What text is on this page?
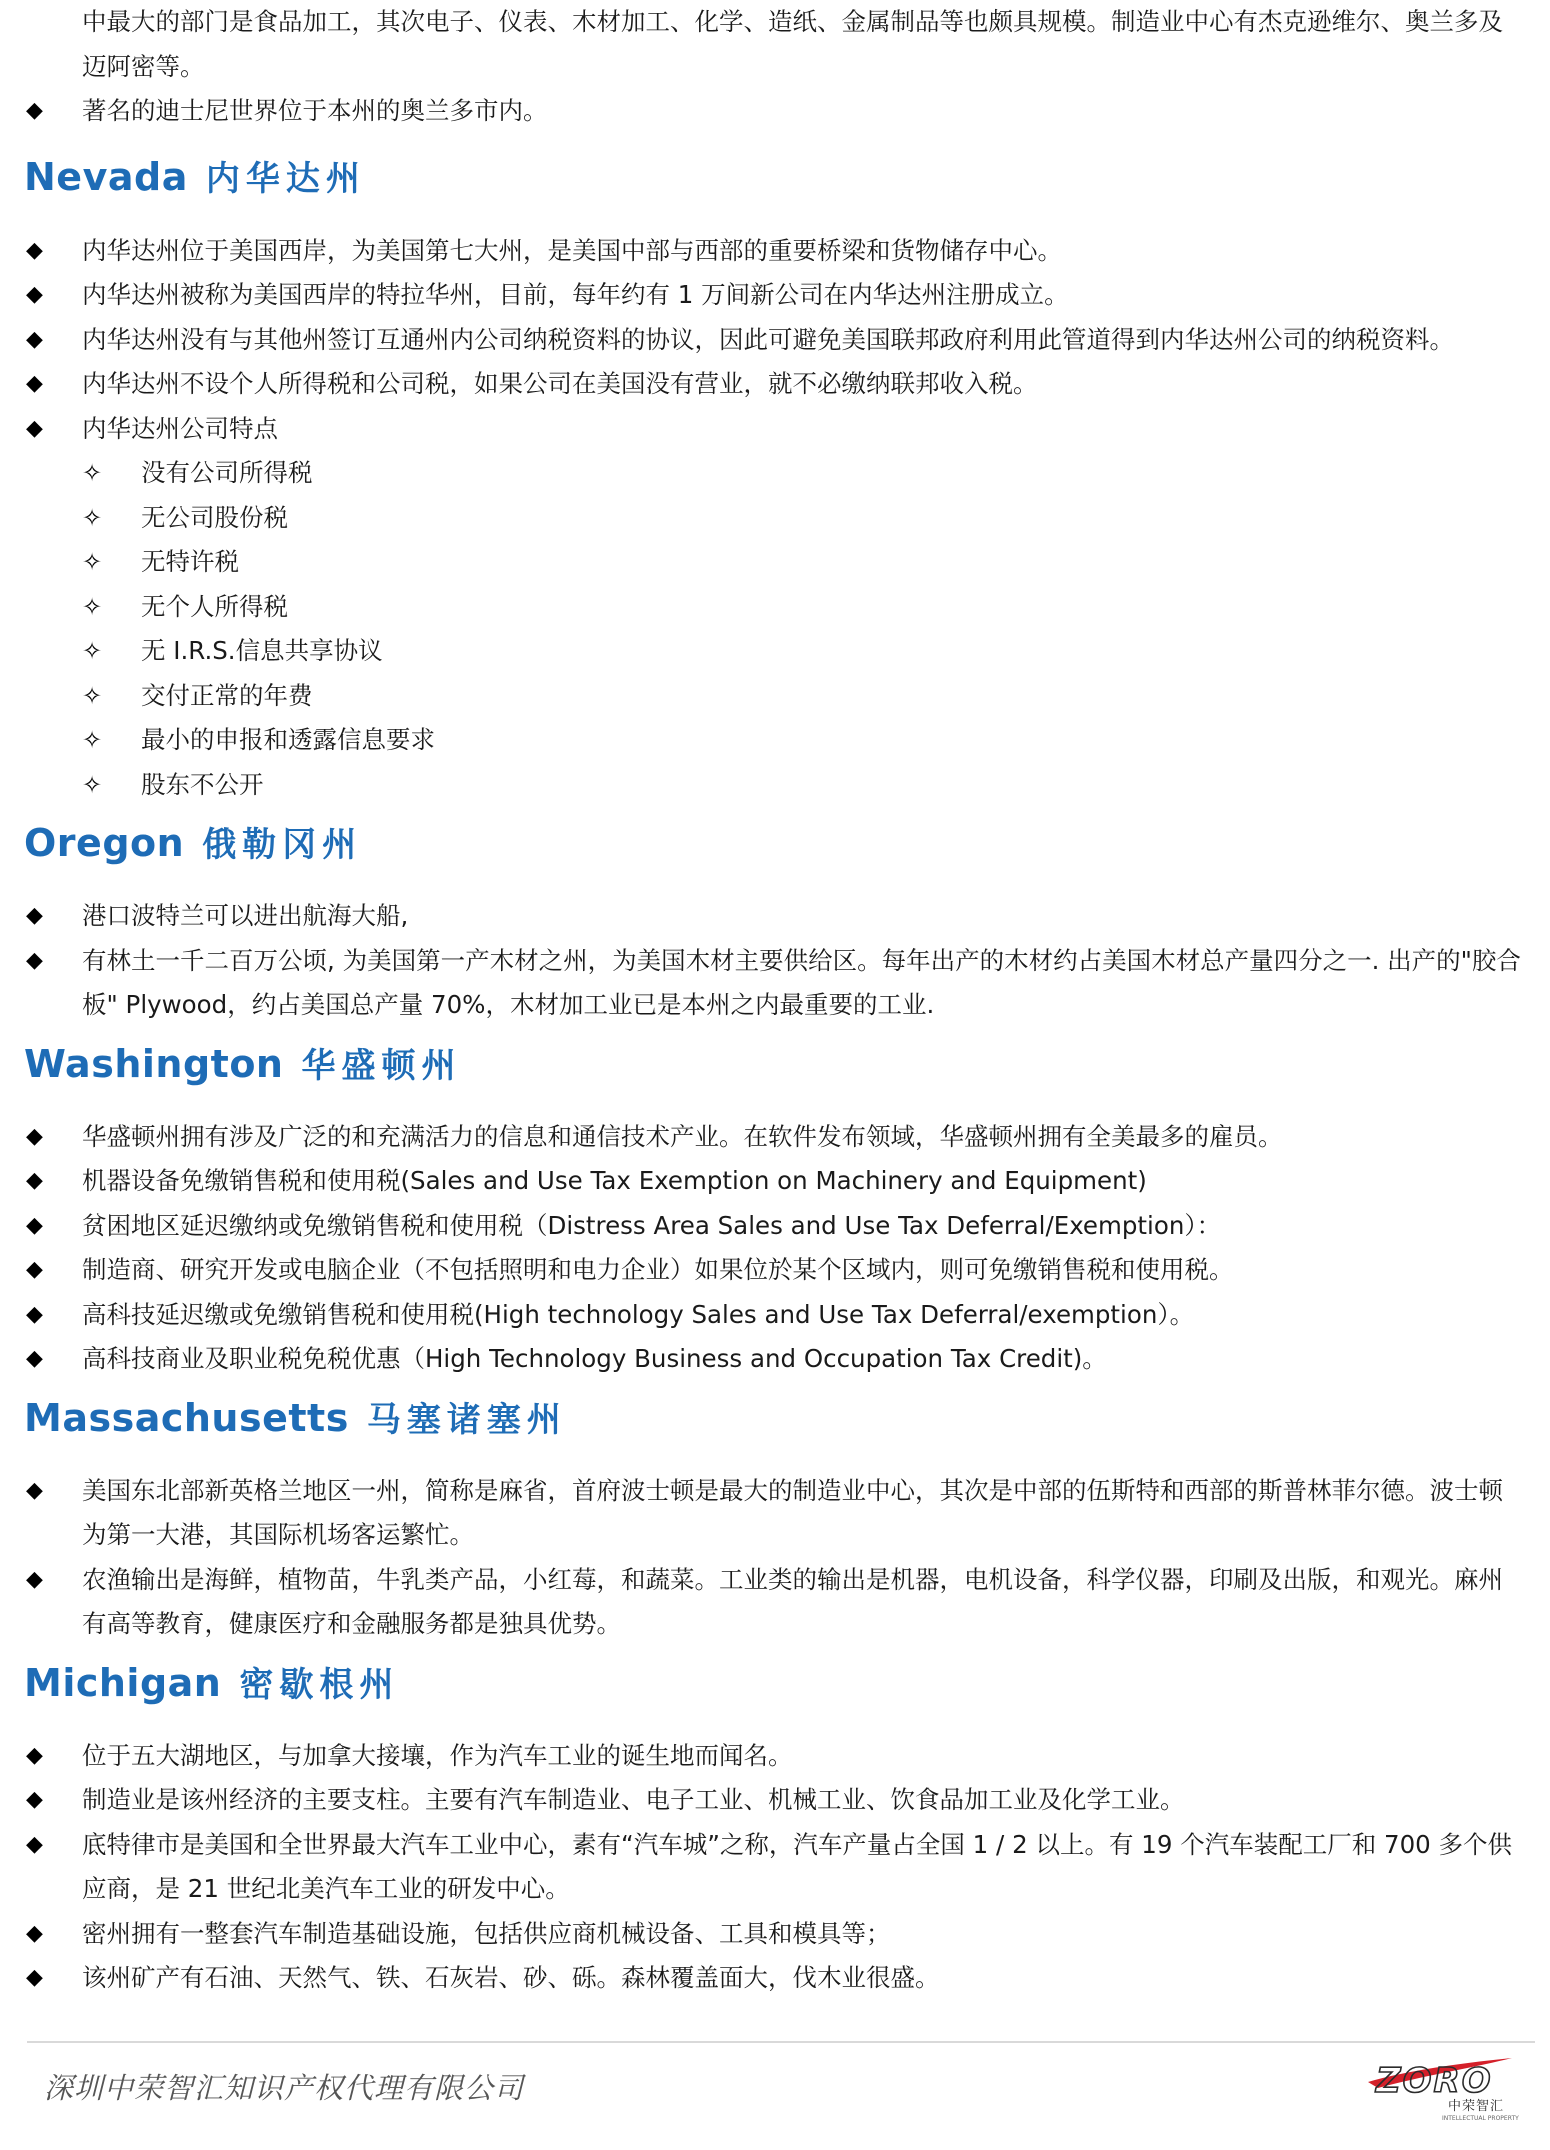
中最大的部门是食品加工，其次电子、仪表、木材加工、化学、造纸、金属制品等也颇具规模。制造业中心有杰克逊维尔、奥兰多及迈阿密等。

◆ 著名的迪士尼世界位于本州的奥兰多市内。
Nevada 内华达州
◆ 内华达州位于美国西岸，为美国第七大州，是美国中部与西部的重要桥梁和货物储存中心。
◆ 内华达州被称为美国西岸的特拉华州，目前，每年约有 1 万间新公司在内华达州注册成立。
◆ 内华达州没有与其他州签订互通州内公司纳税资料的协议，因此可避免美国联邦政府利用此管道得到内华达州公司的纳税资料。
◆ 内华达州不设个人所得税和公司税，如果公司在美国没有营业，就不必缴纳联邦收入税。
◆ 内华达州公司特点
✧ 没有公司所得税
✧ 无公司股份税
✧ 无特许税
✧ 无个人所得税
✧ 无 I.R.S.信息共享协议
✧ 交付正常的年费
✧ 最小的申报和透露信息要求
✧ 股东不公开
Oregon 俄勒冈州
◆ 港口波特兰可以进出航海大船,
◆ 有林土一千二百万公顷, 为美国第一产木材之州，为美国木材主要供给区。每年出产的木材约占美国木材总产量四分之一. 出产的"胶合板" Plywood，约占美国总产量 70%，木材加工业已是本州之内最重要的工业.
Washington 华盛顿州
◆ 华盛顿州拥有涉及广泛的和充满活力的信息和通信技术产业。在软件发布领域，华盛顿州拥有全美最多的雇员。
◆ 机器设备免缴销售税和使用税(Sales and Use Tax Exemption on Machinery and Equipment)
◆ 贫困地区延迟缴纳或免缴销售税和使用税（Distress Area Sales and Use Tax Deferral/Exemption）：
◆ 制造商、研究开发或电脑企业（不包括照明和电力企业）如果位於某个区域内，则可免缴销售税和使用税。
◆ 高科技延迟缴或免缴销售税和使用税(High technology Sales and Use Tax Deferral/exemption）。
◆ 高科技商业及职业税免税优惠（High Technology Business and Occupation Tax Credit)。
Massachusetts 马塞诸塞州
◆ 美国东北部新英格兰地区一州，简称是麻省，首府波士顿是最大的制造业中心，其次是中部的伍斯特和西部的斯普林菲尔德。波士顿为第一大港，其国际机场客运繁忙。
◆ 农渔输出是海鲜，植物苗，牛乳类产品，小红莓，和蔬菜。工业类的输出是机器，电机设备，科学仪器，印刷及出版，和观光。麻州有高等教育，健康医疗和金融服务都是独具优势。
Michigan 密歇根州
◆ 位于五大湖地区，与加拿大接壤，作为汽车工业的诞生地而闻名。
◆ 制造业是该州经济的主要支柱。主要有汽车制造业、电子工业、机械工业、饮食品加工业及化学工业。
◆ 底特律市是美国和全世界最大汽车工业中心，素有“汽车城”之称，汽车产量占全国 1 / 2 以上。有 19 个汽车装配工厂和 700 多个供应商，是 21 世纪北美汽车工业的研发中心。
◆ 密州拥有一整套汽车制造基础设施，包括供应商机械设备、工具和模具等；
◆ 该州矿产有石油、天然气、铁、石灰岩、砂、砾。森林覆盖面大，伐木业很盛。
深圳中荣智汇知识产权代理有限公司	ZORO
中荣智汇
INTELLECTUAL PROPERTY
